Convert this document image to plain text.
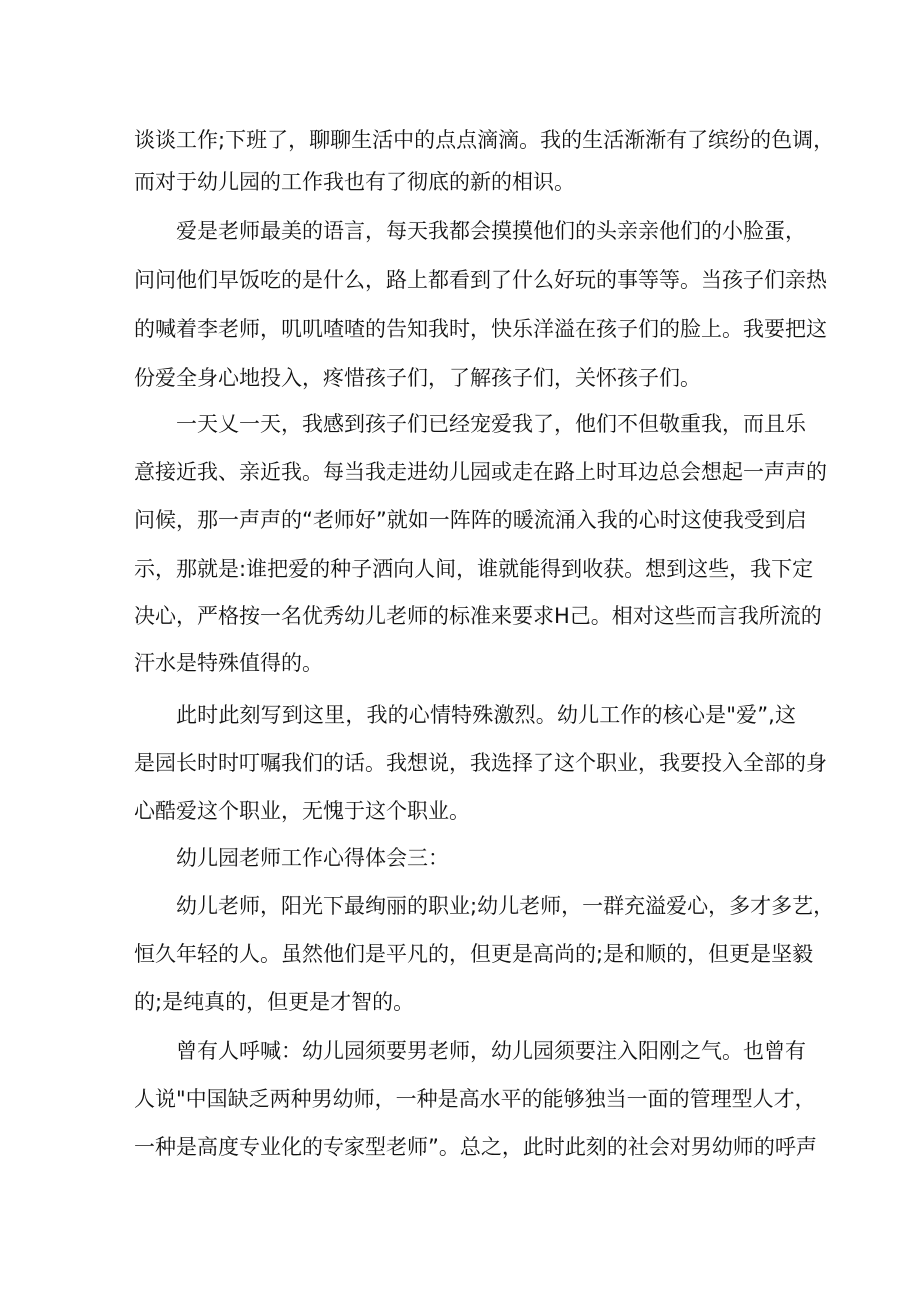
谈谈工作;下班了，聊聊生活中的点点滴滴。我的生活渐渐有了缤纷的色调，
而对于幼儿园的工作我也有了彻底的新的相识。
爱是老师最美的语言，每天我都会摸摸他们的头亲亲他们的小脸蛋，
问问他们早饭吃的是什么，路上都看到了什么好玩的事等等。当孩子们亲热
的喊着李老师，叽叽喳喳的告知我时，快乐洋溢在孩子们的脸上。我要把这
份爱全身心地投入，疼惜孩子们，了解孩子们，关怀孩子们。
一天乂一天，我感到孩子们已经宠爱我了，他们不但敬重我，而且乐
意接近我、亲近我。每当我走进幼儿园或走在路上时耳边总会想起一声声的
问候，那一声声的“老师好”就如一阵阵的暖流涌入我的心时这使我受到启
示，那就是:谁把爱的种子洒向人间，谁就能得到收获。想到这些，我下定
决心，严格按一名优秀幼儿老师的标准来要求H己。相对这些而言我所流的
汗水是特殊值得的。
此时此刻写到这里，我的心情特殊激烈。幼儿工作的核心是"爱”,这
是园长时时叮嘱我们的话。我想说，我选择了这个职业，我要投入全部的身
心酷爱这个职业，无愧于这个职业。
幼儿园老师工作心得体会三：
幼儿老师，阳光下最绚丽的职业;幼儿老师，一群充溢爱心，多才多艺，
恒久年轻的人。虽然他们是平凡的，但更是高尚的;是和顺的，但更是坚毅
的;是纯真的，但更是才智的。
曾有人呼喊：幼儿园须要男老师，幼儿园须要注入阳刚之气。也曾有
人说"中国缺乏两种男幼师，一种是高水平的能够独当一面的管理型人才，
一种是高度专业化的专家型老师”。总之，此时此刻的社会对男幼师的呼声
